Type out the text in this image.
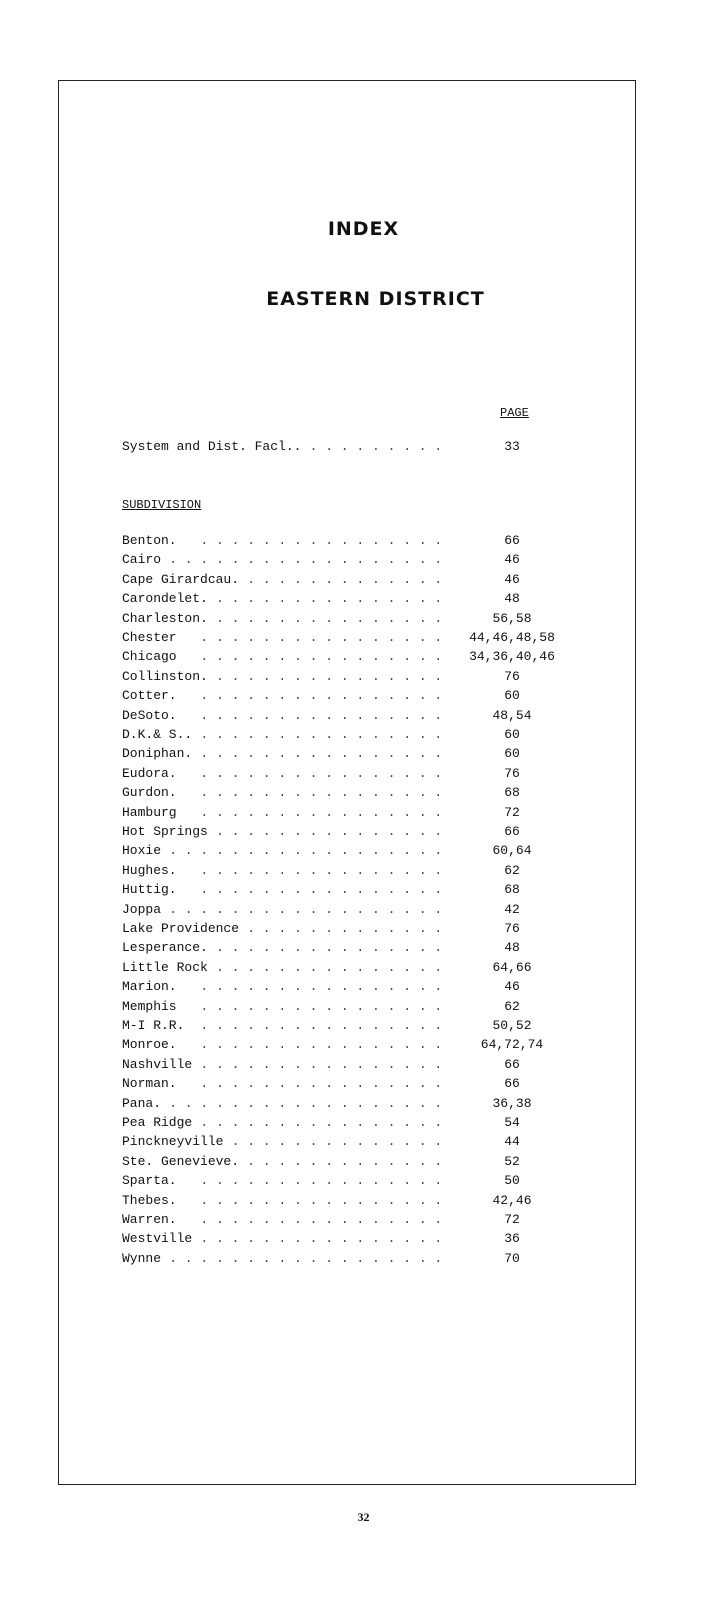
INDEX
EASTERN DISTRICT
PAGE
System and Dist. Facl..	33
. . . . . . . . .
SUBDIVISION
Benton.	66
. . . . . . . . . . . . . . . .
Cairo	46
. . . . . . . . . . . . . . . . . .
Cape Girardcau.	46
. . . . . . . . . . . . .
Carondelet.	48
. . . . . . . . . . . . . . .
Charleston.	56,58
. . . . . . . . . . . . . . .
Chester	44,46,48,58
. . . . . . . . . . . . . . . .
Chicago	34,36,40,46
. . . . . . . . . . . . . . . .
Collinston.	76
. . . . . . . . . . . . . . .
Cotter.	60
. . . . . . . . . . . . . . . .
DeSoto.	48,54
. . . . . . . . . . . . . . . .
D.K.& S..	60
. . . . . . . . . . . . . . . .
Doniphan.	60
. . . . . . . . . . . . . . . .
Eudora.	76
. . . . . . . . . . . . . . . .
Gurdon.	68
. . . . . . . . . . . . . . . .
Hamburg	72
. . . . . . . . . . . . . . . .
Hot Springs	66
. . . . . . . . . . . . . . .
Hoxie	60,64
. . . . . . . . . . . . . . . . . .
Hughes.	62
. . . . . . . . . . . . . . . .
Huttig.	68
. . . . . . . . . . . . . . . .
Joppa	42
. . . . . . . . . . . . . . . . . .
Lake Providence	76
. . . . . . . . . . . . .
Lesperance.	48
. . . . . . . . . . . . . . .
Little Rock	64,66
. . . . . . . . . . . . . . .
Marion.	46
. . . . . . . . . . . . . . . .
Memphis	62
. . . . . . . . . . . . . . . .
M-I R.R.	50,52
. . . . . . . . . . . . . . . .
Monroe.	64,72,74
. . . . . . . . . . . . . . . .
Nashville	66
. . . . . . . . . . . . . . . .
Norman.	66
. . . . . . . . . . . . . . . .
Pana.	36,38
. . . . . . . . . . . . . . . . . .
Pea Ridge	54
. . . . . . . . . . . . . . . .
Pinckneyville	44
. . . . . . . . . . . . . .
Ste. Genevieve.	52
. . . . . . . . . . . . .
Sparta.	50
. . . . . . . . . . . . . . . .
Thebes.	42,46
. . . . . . . . . . . . . . . .
Warren.	72
. . . . . . . . . . . . . . . .
Westville	36
. . . . . . . . . . . . . . . .
Wynne	70
. . . . . . . . . . . . . . . . . .
32
